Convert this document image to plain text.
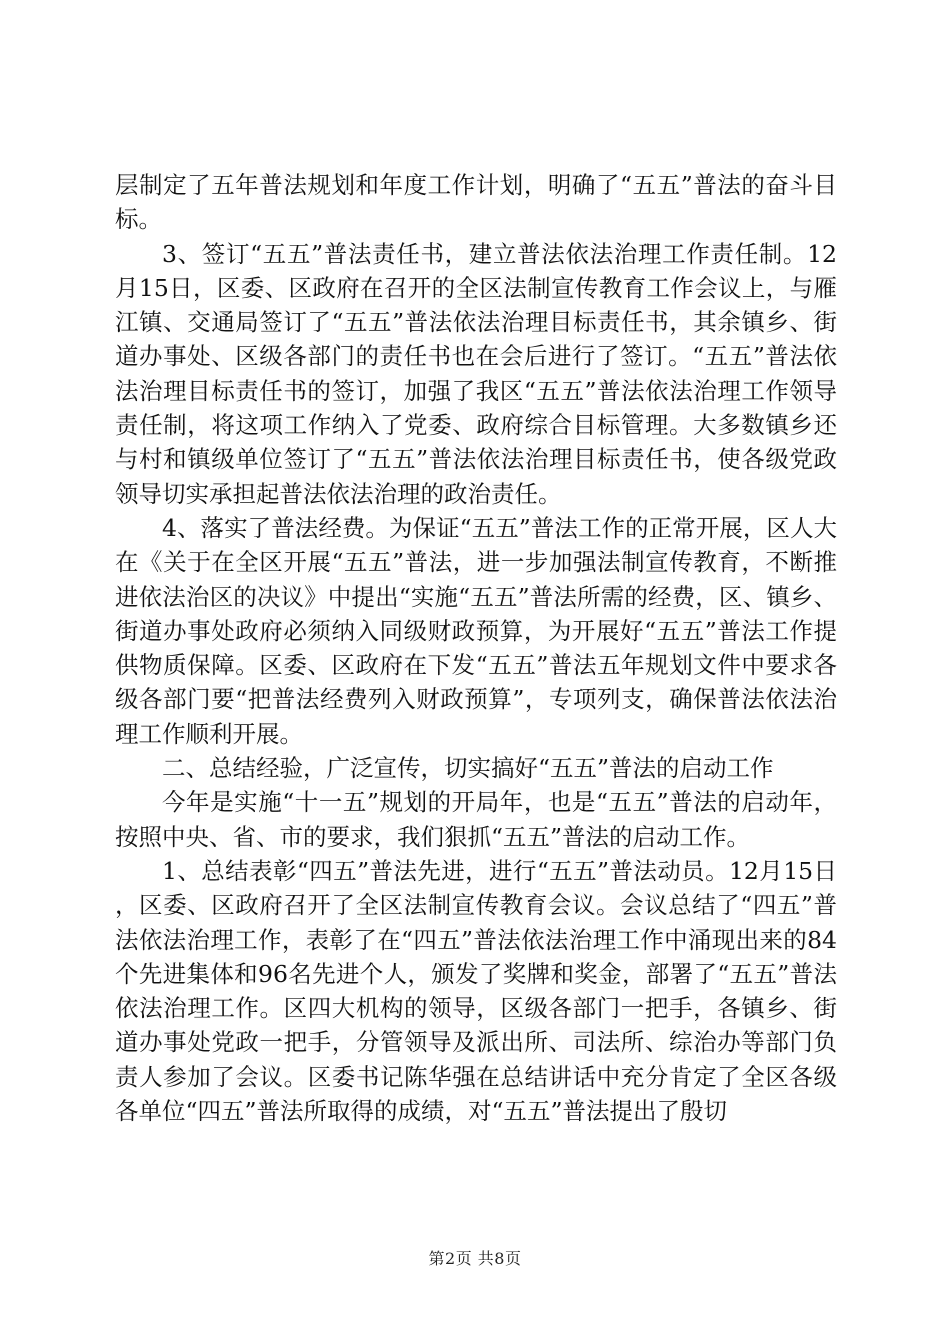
层制定了五年普法规划和年度工作计划，明确了“五五”普法的奋斗目标。

3、签订“五五”普法责任书，建立普法依法治理工作责任制。12月15日，区委、区政府在召开的全区法制宣传教育工作会议上，与雁江镇、交通局签订了“五五”普法依法治理目标责任书，其余镇乡、街道办事处、区级各部门的责任书也在会后进行了签订。“五五”普法依法治理目标责任书的签订，加强了我区“五五”普法依法治理工作领导责任制，将这项工作纳入了党委、政府综合目标管理。大多数镇乡还与村和镇级单位签订了“五五”普法依法治理目标责任书，使各级党政领导切实承担起普法依法治理的政治责任。

4、落实了普法经费。为保证“五五”普法工作的正常开展，区人大在《关于在全区开展“五五”普法，进一步加强法制宣传教育，不断推进依法治区的决议》中提出“实施“五五”普法所需的经费，区、镇乡、街道办事处政府必须纳入同级财政预算，为开展好“五五”普法工作提供物质保障。区委、区政府在下发“五五”普法五年规划文件中要求各级各部门要“把普法经费列入财政预算”，专项列支，确保普法依法治理工作顺利开展。

二、总结经验，广泛宣传，切实搞好“五五”普法的启动工作

今年是实施“十一五”规划的开局年，也是“五五”普法的启动年，按照中央、省、市的要求，我们狠抓“五五”普法的启动工作。

1、总结表彰“四五”普法先进，进行“五五”普法动员。12月15日，区委、区政府召开了全区法制宣传教育会议。会议总结了“四五”普法依法治理工作，表彰了在“四五”普法依法治理工作中涌现出来的84个先进集体和96名先进个人，颁发了奖牌和奖金，部署了“五五”普法依法治理工作。区四大机构的领导，区级各部门一把手，各镇乡、街道办事处党政一把手，分管领导及派出所、司法所、综治办等部门负责人参加了会议。区委书记陈华强在总结讲话中充分肯定了全区各级各单位“四五”普法所取得的成绩，对“五五”普法提出了殷切

第2页 共8页
